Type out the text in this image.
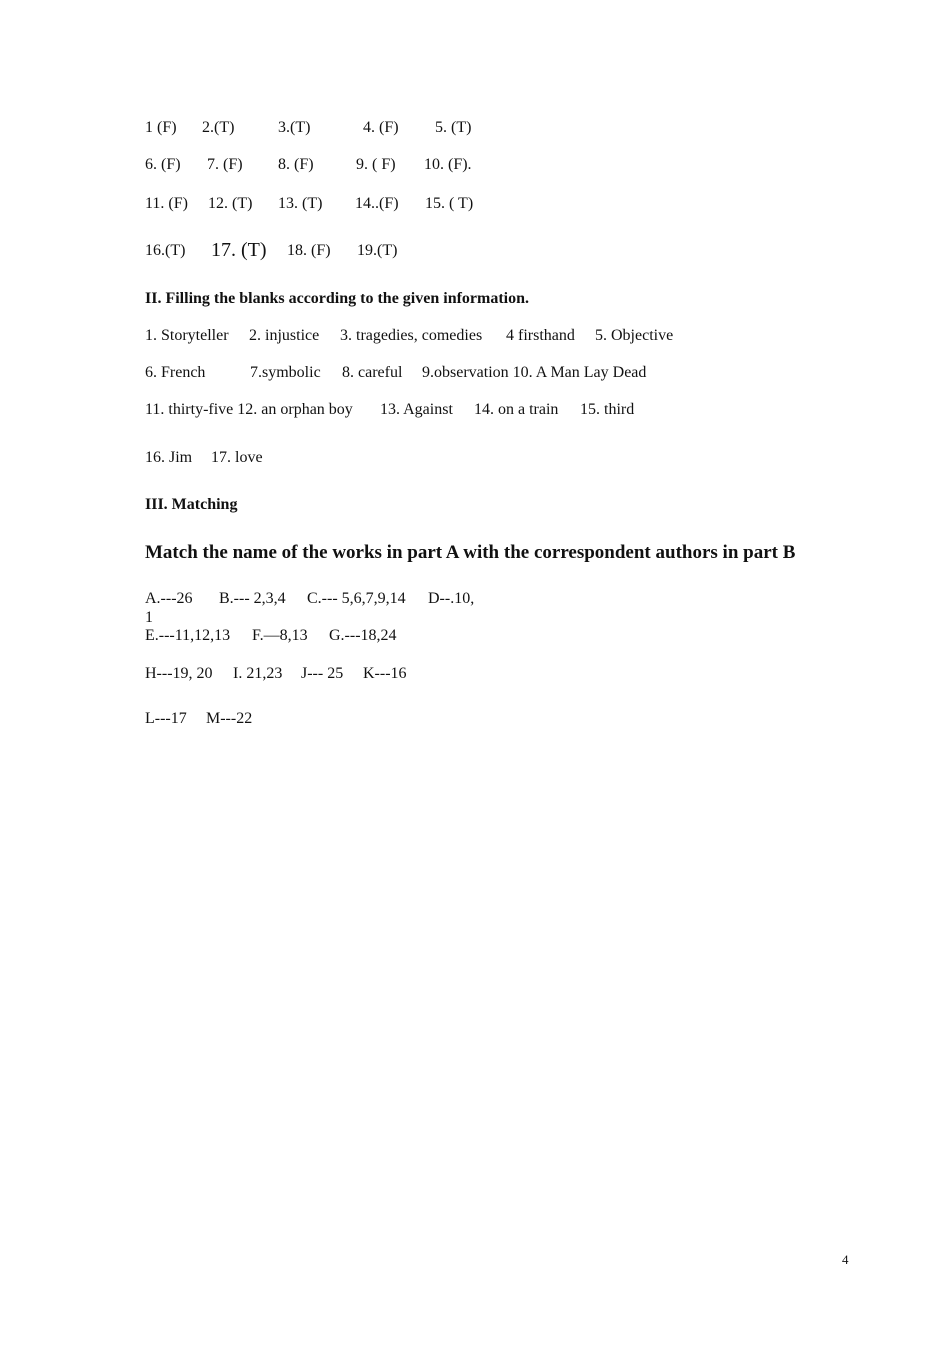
1 (F) 2.(T)	3.(T)	4. (F) 5. (T)
6. (F) 7. (F) 8. (F)	9. ( F) 10. (F).
11. (F) 12. (T) 13. (T) 14..(F) 15. ( T)
16.(T) 17. (T) 18. (F) 19.(T)
II. Filling the blanks according to the given information.
1. Storyteller 2. injustice 3. tragedies, comedies 4 firsthand 5. Objective
6. French	7.symbolic 8. careful 9.observation 10. A Man Lay Dead
11. thirty-five 12. an orphan boy 13. Against 14. on a train 15. third
16. Jim 17. love
III. Matching
Match the name of the works in part A with the correspondent authors in part B
A.---26 B.--- 2,3,4 C.--- 5,6,7,9,14 D--.10,
1
E.---11,12,13 F.—8,13 G.---18,24
H---19, 20 I. 21,23 J--- 25 K---16
L---17 M---22
4
